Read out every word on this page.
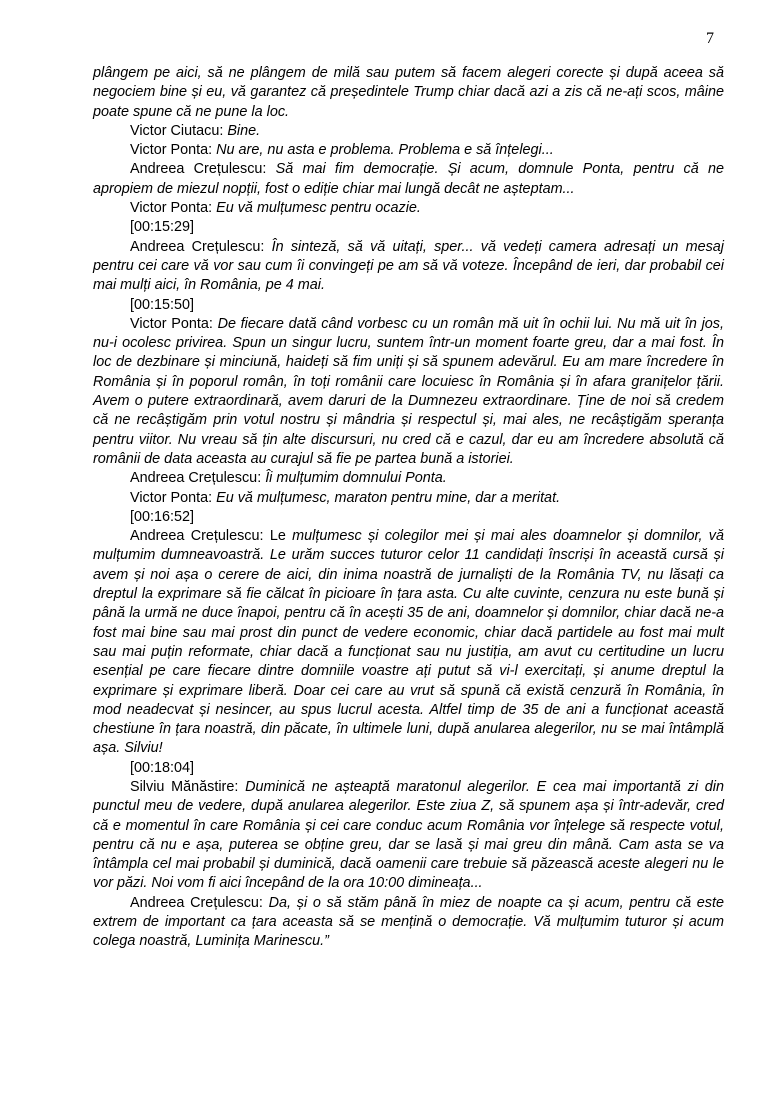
7

plângem pe aici, să ne plângem de milă sau putem să facem alegeri corecte și după aceea să negociem bine și eu, vă garantez că președintele Trump chiar dacă azi a zis că ne-ați scos, mâine poate spune că ne pune la loc.

Victor Ciutacu: Bine.

Victor Ponta: Nu are, nu asta e problema. Problema e să înțelegi...

Andreea Crețulescu: Să mai fim democrație. Și acum, domnule Ponta, pentru că ne apropiem de miezul nopții, fost o ediție chiar mai lungă decât ne așteptam...

Victor Ponta: Eu vă mulțumesc pentru ocazie.

[00:15:29]

Andreea Crețulescu: În sinteză, să vă uitați, sper... vă vedeți camera adresați un mesaj pentru cei care vă vor sau cum îi convingeți pe am să vă voteze. Începând de ieri, dar probabil cei mai mulți aici, în România, pe 4 mai.

[00:15:50]

Victor Ponta: De fiecare dată când vorbesc cu un român mă uit în ochii lui. Nu mă uit în jos, nu-i ocolesc privirea. Spun un singur lucru, suntem într-un moment foarte greu, dar a mai fost. În loc de dezbinare și minciună, haideți să fim uniți și să spunem adevărul. Eu am mare încredere în România și în poporul român, în toți românii care locuiesc în România și în afara granițelor țării. Avem o putere extraordinară, avem daruri de la Dumnezeu extraordinare. Ține de noi să credem că ne recâștigăm prin votul nostru și mândria și respectul și, mai ales, ne recâștigăm speranța pentru viitor. Nu vreau să țin alte discursuri, nu cred că e cazul, dar eu am încredere absolută că românii de data aceasta au curajul să fie pe partea bună a istoriei.

Andreea Crețulescu: Îi mulțumim domnului Ponta.

Victor Ponta: Eu vă mulțumesc, maraton pentru mine, dar a meritat.

[00:16:52]

Andreea Crețulescu: Le mulțumesc și colegilor mei și mai ales doamnelor și domnilor, vă mulțumim dumneavoastră. Le urăm succes tuturor celor 11 candidați înscriși în această cursă și avem și noi așa o cerere de aici, din inima noastră de jurnaliști de la România TV, nu lăsați ca dreptul la exprimare să fie călcat în picioare în țara asta. Cu alte cuvinte, cenzura nu este bună și până la urmă ne duce înapoi, pentru că în acești 35 de ani, doamnelor și domnilor, chiar dacă ne-a fost mai bine sau mai prost din punct de vedere economic, chiar dacă partidele au fost mai mult sau mai puțin reformate, chiar dacă a funcționat sau nu justiția, am avut cu certitudine un lucru esențial pe care fiecare dintre domniile voastre ați putut să vi-l exercitați, și anume dreptul la exprimare și exprimare liberă. Doar cei care au vrut să spună că există cenzură în România, în mod neadecvat și nesincer, au spus lucrul acesta. Altfel timp de 35 de ani a funcționat această chestiune în țara noastră, din păcate, în ultimele luni, după anularea alegerilor, nu se mai întâmplă așa. Silviu!

[00:18:04]

Silviu Mănăstire: Duminică ne așteaptă maratonul alegerilor. E cea mai importantă zi din punctul meu de vedere, după anularea alegerilor. Este ziua Z, să spunem așa și într-adevăr, cred că e momentul în care România și cei care conduc acum România vor înțelege să respecte votul, pentru că nu e așa, puterea se obține greu, dar se lasă și mai greu din mână. Cam asta se va întâmpla cel mai probabil și duminică, dacă oamenii care trebuie să păzească aceste alegeri nu le vor păzi. Noi vom fi aici începând de la ora 10:00 dimineața...

Andreea Crețulescu: Da, și o să stăm până în miez de noapte ca și acum, pentru că este extrem de important ca țara aceasta să se mențină o democrație. Vă mulțumim tuturor și acum colega noastră, Luminița Marinescu.”
